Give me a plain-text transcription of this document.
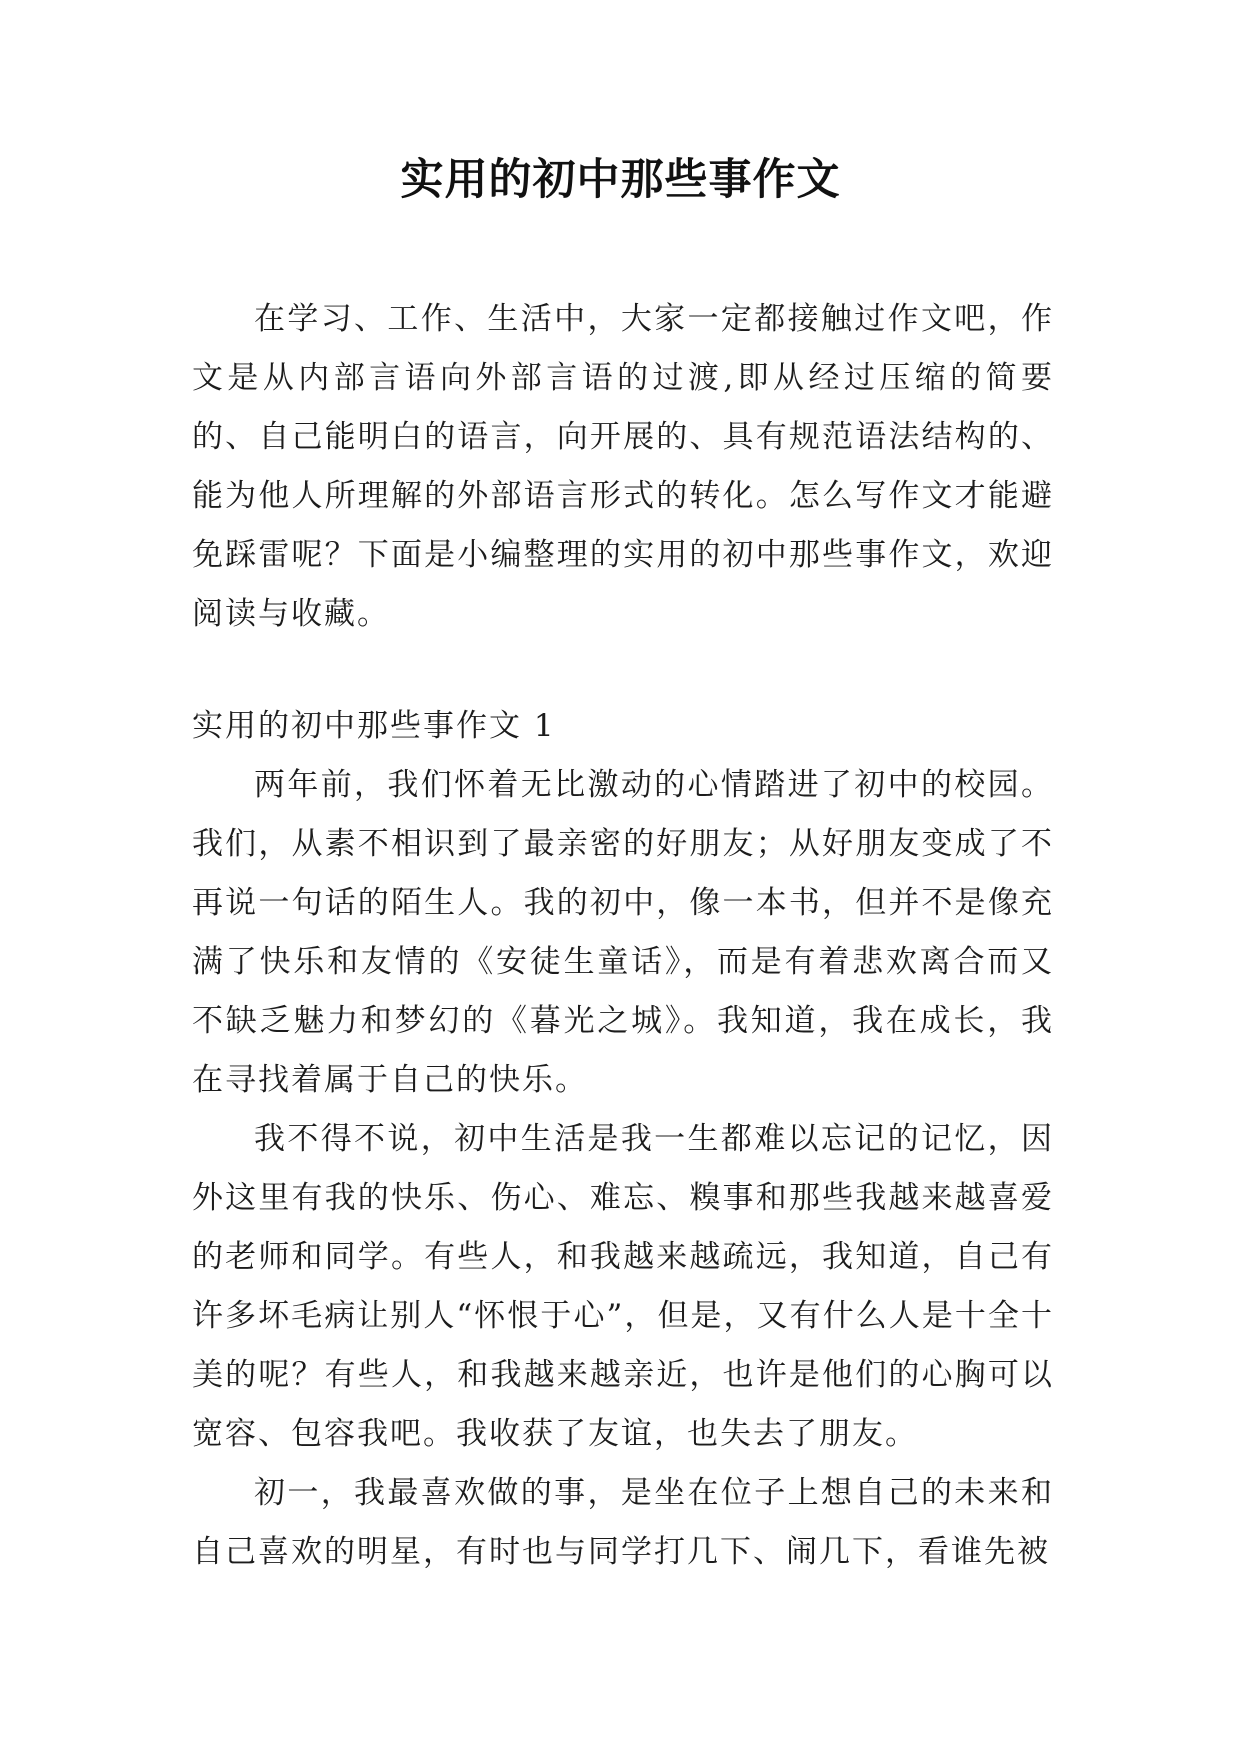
实用的初中那些事作文

在学习、工作、生活中，大家一定都接触过作文吧，作文是从内部言语向外部言语的过渡,即从经过压缩的简要的、自己能明白的语言，向开展的、具有规范语法结构的、能为他人所理解的外部语言形式的转化。怎么写作文才能避免踩雷呢？下面是小编整理的实用的初中那些事作文，欢迎阅读与收藏。

实用的初中那些事作文 1

两年前，我们怀着无比激动的心情踏进了初中的校园。我们，从素不相识到了最亲密的好朋友；从好朋友变成了不再说一句话的陌生人。我的初中，像一本书，但并不是像充满了快乐和友情的《安徒生童话》，而是有着悲欢离合而又不缺乏魅力和梦幻的《暮光之城》。我知道，我在成长，我在寻找着属于自己的快乐。

我不得不说，初中生活是我一生都难以忘记的记忆，因外这里有我的快乐、伤心、难忘、糗事和那些我越来越喜爱的老师和同学。有些人，和我越来越疏远，我知道，自己有许多坏毛病让别人“怀恨于心”，但是，又有什么人是十全十美的呢？有些人，和我越来越亲近，也许是他们的心胸可以宽容、包容我吧。我收获了友谊，也失去了朋友。

初一，我最喜欢做的事，是坐在位子上想自己的未来和自己喜欢的明星，有时也与同学打几下、闹几下，看谁先被
